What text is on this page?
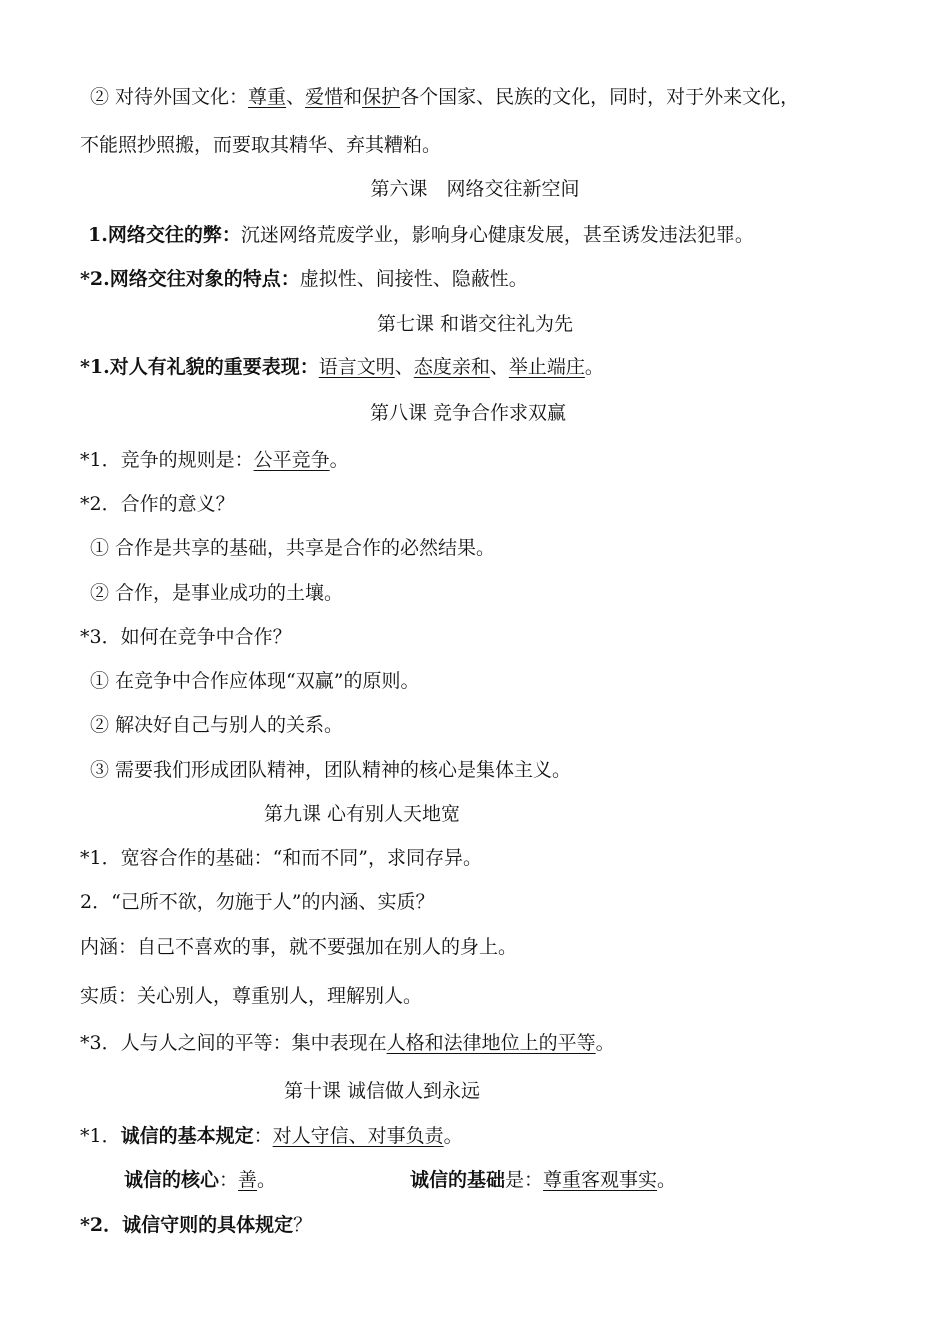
② 对待外国文化：尊重、爱惜和保护各个国家、民族的文化，同时，对于外来文化，
不能照抄照搬，而要取其精华、弃其糟粕。
第六课　网络交往新空间
1.网络交往的弊：沉迷网络荒废学业，影响身心健康发展，甚至诱发违法犯罪。
*2.网络交往对象的特点：虚拟性、间接性、隐蔽性。
第七课 和谐交往礼为先
*1.对人有礼貌的重要表现：语言文明、态度亲和、举止端庄。
第八课 竞争合作求双赢
*1．竞争的规则是：公平竞争。
*2．合作的意义？
① 合作是共享的基础，共享是合作的必然结果。
② 合作，是事业成功的土壤。
*3．如何在竞争中合作？
① 在竞争中合作应体现“双赢”的原则。
② 解决好自己与别人的关系。
③ 需要我们形成团队精神，团队精神的核心是集体主义。
第九课 心有别人天地宽
*1．宽容合作的基础：“和而不同”，求同存异。
2．“己所不欲，勿施于人”的内涵、实质？
内涵：自己不喜欢的事，就不要强加在别人的身上。
实质：关心别人，尊重别人，理解别人。
*3．人与人之间的平等：集中表现在人格和法律地位上的平等。
第十课 诚信做人到永远
*1．诚信的基本规定：对人守信、对事负责。
诚信的核心：善。	诚信的基础是：尊重客观事实。
*2．诚信守则的具体规定？
